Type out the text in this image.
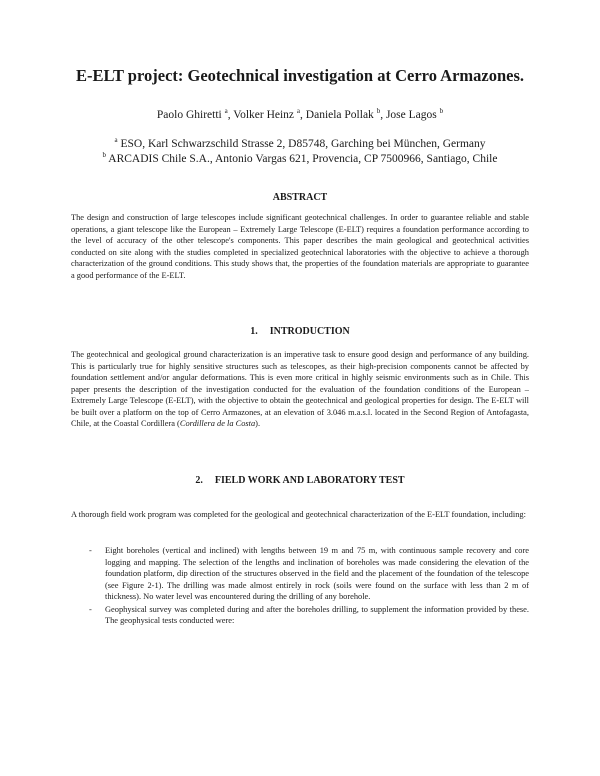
E-ELT project: Geotechnical investigation at Cerro Armazones.
Paolo Ghiretti $^a$, Volker Heinz $^a$, Daniela Pollak $^b$, Jose Lagos $^b$
$^a$ ESO, Karl Schwarzschild Strasse 2, D85748, Garching bei München, Germany
$^b$ ARCADIS Chile S.A., Antonio Vargas 621, Provencia, CP 7500966, Santiago, Chile
ABSTRACT

The design and construction of large telescopes include significant geotechnical challenges. In order to guarantee reliable and stable operations, a giant telescope like the European – Extremely Large Telescope (E-ELT) requires a foundation performance according to the level of accuracy of the other telescope's components. This paper describes the main geological and geotechnical activities conducted on site along with the studies completed in specialized geotechnical laboratories with the objective to achieve a thorough characterization of the ground conditions. This study shows that, the properties of the foundation materials are appropriate to guarantee a good performance of the E-ELT.

1. INTRODUCTION

The geotechnical and geological ground characterization is an imperative task to ensure good design and performance of any building. This is particularly true for highly sensitive structures such as telescopes, as their high-precision components cannot be affected by foundation settlement and/or angular deformations. This is even more critical in highly seismic environments such as in Chile. This paper presents the description of the investigation conducted for the evaluation of the foundation conditions of the European – Extremely Large Telescope (E-ELT), with the objective to obtain the geotechnical and geological properties for design. The E-ELT will be built over a platform on the top of Cerro Armazones, at an elevation of 3.046 m.a.s.l. located in the Second Region of Antofagasta, Chile, at the Coastal Cordillera (Cordillera de la Costa).

2. FIELD WORK AND LABORATORY TEST

A thorough field work program was completed for the geological and geotechnical characterization of the E-ELT foundation, including:

- Eight boreholes (vertical and inclined) with lengths between 19 m and 75 m, with continuous sample recovery and core logging and mapping. The selection of the lengths and inclination of boreholes was made considering the elevation of the foundation platform, dip direction of the structures observed in the field and the placement of the foundation of the telescope (see Figure 2-1). The drilling was made almost entirely in rock (soils were found on the surface with less than 2 m of thickness). No water level was encountered during the drilling of any borehole.
- Geophysical survey was completed during and after the boreholes drilling, to supplement the information provided by these. The geophysical tests conducted were:
